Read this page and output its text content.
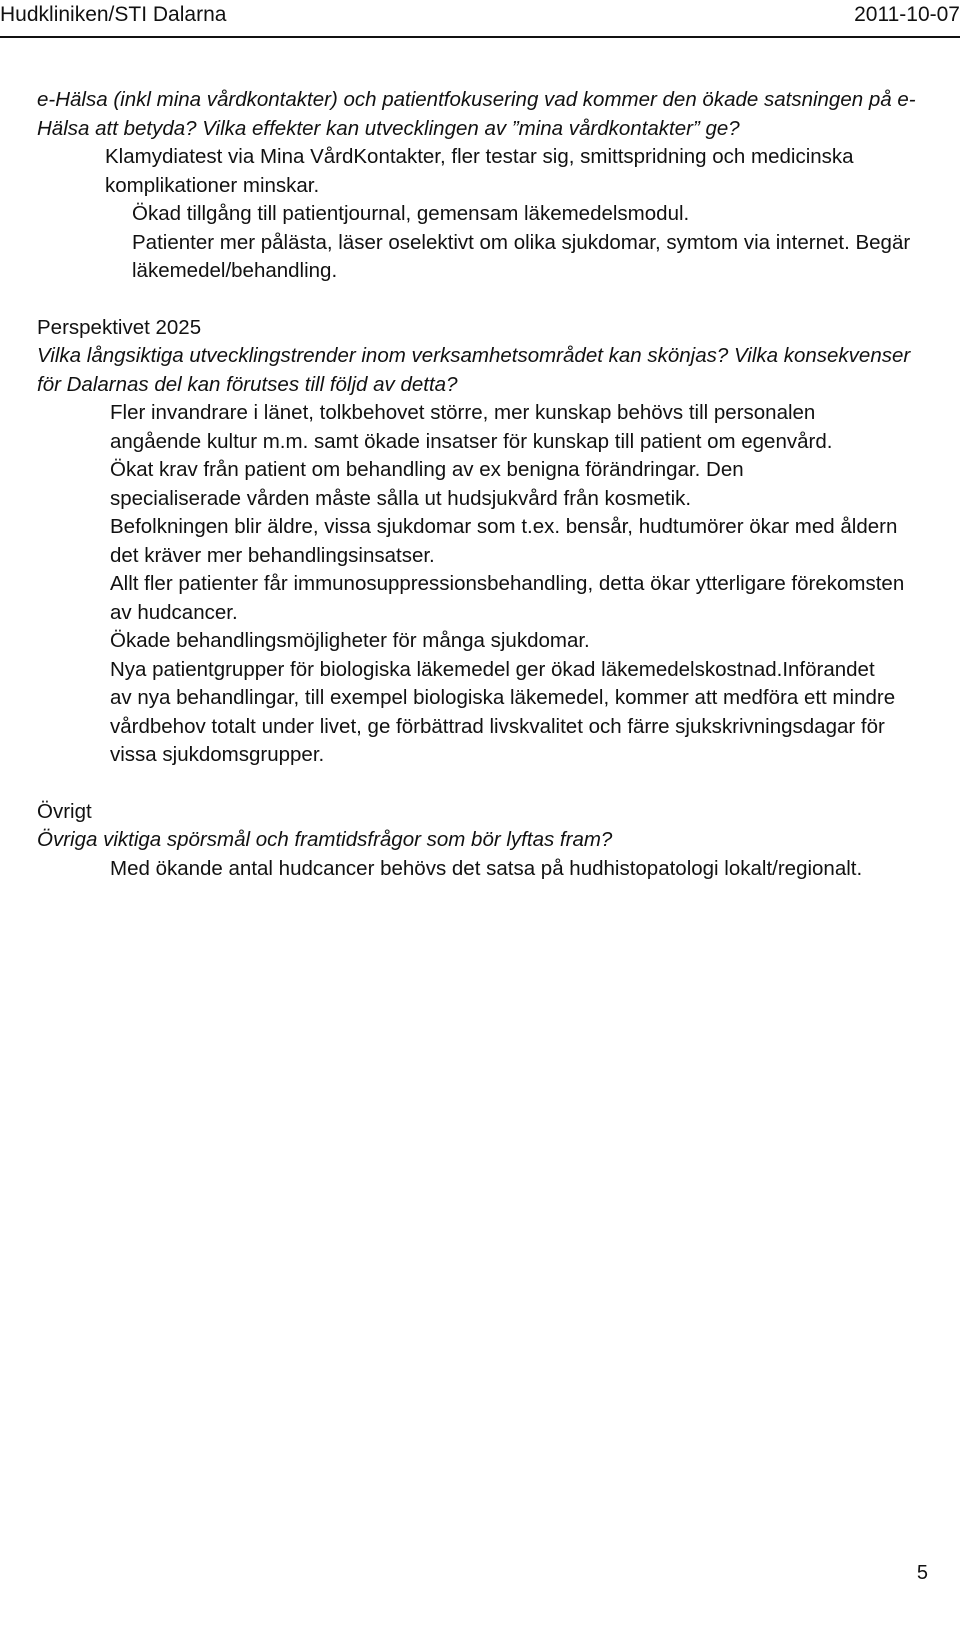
Hudkliniken/STI Dalarna	2011-10-07

e-Hälsa (inkl mina vårdkontakter) och patientfokusering vad kommer den ökade satsningen på e-Hälsa att betyda? Vilka effekter kan utvecklingen av ”mina vårdkontakter” ge?

Klamydiatest via Mina VårdKontakter, fler testar sig, smittspridning och medicinska komplikationer minskar.

Ökad tillgång till patientjournal, gemensam läkemedelsmodul.

Patienter mer pålästa, läser oselektivt om olika sjukdomar, symtom via internet. Begär läkemedel/behandling.

Perspektivet 2025

Vilka långsiktiga utvecklingstrender inom verksamhetsområdet kan skönjas? Vilka konsekvenser för Dalarnas del kan förutses till följd av detta?

Fler invandrare i länet, tolkbehovet större, mer kunskap behövs till personalen angående kultur m.m. samt ökade insatser för kunskap till patient om egenvård.

Ökat krav från patient om behandling av ex benigna förändringar. Den specialiserade vården måste sålla ut hudsjukvård från kosmetik.

Befolkningen blir äldre, vissa sjukdomar som t.ex. bensår, hudtumörer ökar med åldern det kräver mer behandlingsinsatser.

Allt fler patienter får immunosuppressionsbehandling, detta ökar ytterligare förekomsten av hudcancer.

Ökade behandlingsmöjligheter för många sjukdomar.

Nya patientgrupper för biologiska läkemedel ger ökad läkemedelskostnad.Införandet av nya behandlingar, till exempel biologiska läkemedel, kommer att medföra ett mindre vårdbehov totalt under livet, ge förbättrad livskvalitet och färre sjukskrivningsdagar för vissa sjukdomsgrupper.

Övrigt

Övriga viktiga spörsmål och framtidsfrågor som bör lyftas fram?

Med ökande antal hudcancer behövs det satsa på hudhistopatologi lokalt/regionalt.

5
